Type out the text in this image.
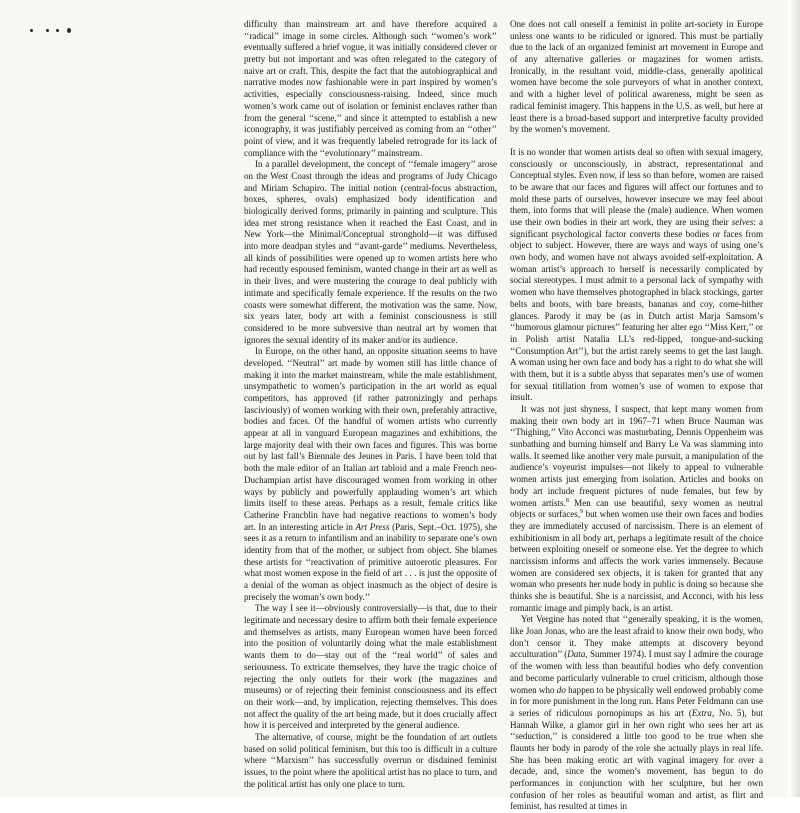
difficulty than mainstream art and have therefore acquired a ‘‘radical’’ image in some circles. Although such ‘‘women’s work’’ eventually suffered a brief vogue, it was initially considered clever or pretty but not important and was often relegated to the category of naive art or craft. This, despite the fact that the autobiographical and narrative modes now fashionable were in part inspired by women’s activities, especially consciousness-raising. Indeed, since much women’s work came out of isolation or feminist enclaves rather than from the general ‘‘scene,’’ and since it attempted to establish a new iconography, it was justifiably perceived as coming from an ‘‘other’’ point of view, and it was frequently labeled retrograde for its lack of compliance with the ‘‘evolutionary’’ mainstream.

In a parallel development, the concept of ‘‘female imagery’’ arose on the West Coast through the ideas and programs of Judy Chicago and Miriam Schapiro. The initial notion (central-focus abstraction, boxes, spheres, ovals) emphasized body identification and biologically derived forms, primarily in painting and sculpture. This idea met strong resistance when it reached the East Coast, and in New York—the Minimal/Conceptual stronghold—it was diffused into more deadpan styles and ‘‘avant-garde’’ mediums. Nevertheless, all kinds of possibilities were opened up to women artists here who had recently espoused feminism, wanted change in their art as well as in their lives, and were mustering the courage to deal publicly with intimate and specifically female experience. If the results on the two coasts were somewhat different, the motivation was the same. Now, six years later, body art with a feminist consciousness is still considered to be more subversive than neutral art by women that ignores the sexual identity of its maker and/or its audience.

In Europe, on the other hand, an opposite situation seems to have developed. ‘‘Neutral’’ art made by women still has little chance of making it into the market mainstream, while the male establishment, unsympathetic to women’s participation in the art world as equal competitors, has approved (if rather patronizingly and perhaps lasciviously) of women working with their own, preferably attractive, bodies and faces. Of the handful of women artists who currently appear at all in vanguard European magazines and exhibitions, the large majority deal with their own faces and figures. This was borne out by last fall’s Biennale des Jeunes in Paris. I have been told that both the male editor of an Italian art tabloid and a male French neo-Duchampian artist have discouraged women from working in other ways by publicly and powerfully applauding women’s art which limits itself to these areas. Perhaps as a result, female critics like Catherine Francblin have had negative reactions to women’s body art. In an interesting article in Art Press (Paris, Sept.–Oct. 1975), she sees it as a return to infantilism and an inability to separate one’s own identity from that of the mother, or subject from object. She blames these artists for ‘‘reactivation of primitive autoerotic pleasures. For what most women expose in the field of art . . . is just the opposite of a denial of the woman as object inasmuch as the object of desire is precisely the woman’s own body.’’

The way I see it—obviously controversially—is that, due to their legitimate and necessary desire to affirm both their female experience and themselves as artists, many European women have been forced into the position of voluntarily doing what the male establishment wants them to do—stay out of the ‘‘real world’’ of sales and seriousness. To extricate themselves, they have the tragic choice of rejecting the only outlets for their work (the magazines and museums) or of rejecting their feminist consciousness and its effect on their work—and, by implication, rejecting themselves. This does not affect the quality of the art being made, but it does crucially affect how it is perceived and interpreted by the general audience.

The alternative, of course, might be the foundation of art outlets based on solid political feminism, but this too is difficult in a culture where ‘‘Marxism’’ has successfully overrun or disdained feminist issues, to the point where the apolitical artist has no place to turn, and the political artist has only one place to turn.

One does not call oneself a feminist in polite art-society in Europe unless one wants to be ridiculed or ignored. This must be partially due to the lack of an organized feminist art movement in Europe and of any alternative galleries or magazines for women artists. Ironically, in the resultant void, middle-class, generally apolitical women have become the sole purveyors of what in another context, and with a higher level of political awareness, might be seen as radical feminist imagery. This happens in the U.S. as well, but here at least there is a broad-based support and interpretive faculty provided by the women’s movement.

It is no wonder that women artists deal so often with sexual imagery, consciously or unconsciously, in abstract, representational and Conceptual styles. Even now, if less so than before, women are raised to be aware that our faces and figures will affect our fortunes and to mold these parts of ourselves, however insecure we may feel about them, into forms that will please the (male) audience. When women use their own bodies in their art work, they are using their selves: a significant psychological factor converts these bodies or faces from object to subject. However, there are ways and ways of using one’s own body, and women have not always avoided self-exploitation. A woman artist’s approach to herself is necessarily complicated by social stereotypes. I must admit to a personal lack of sympathy with women who have themselves photographed in black stockings, garter belts and boots, with bare breasts, bananas and coy, come-hither glances. Parody it may be (as in Dutch artist Marja Samsom’s ‘‘humorous glamour pictures’’ featuring her alter ego ‘‘Miss Kerr,’’ or in Polish artist Natalia LL’s red-lipped, tongue-and-sucking ‘‘Consumption Art’’), but the artist rarely seems to get the last laugh. A woman using her own face and body has a right to do what she will with them, but it is a subtle abyss that separates men’s use of women for sexual titillation from women’s use of women to expose that insult.

It was not just shyness, I suspect, that kept many women from making their own body art in 1967–71 when Bruce Nauman was ‘‘Thighing,’’ Vito Acconci was masturbating, Dennis Oppenheim was sunbathing and burning himself and Barry Le Va was slamming into walls. It seemed like another very male pursuit, a manipulation of the audience’s voyeurist impulses—not likely to appeal to vulnerable women artists just emerging from isolation. Articles and books on body art include frequent pictures of nude females, but few by women artists.$^8$ Men can use beautiful, sexy women as neutral objects or surfaces,$^9$ but when women use their own faces and bodies they are immediately accused of narcissism. There is an element of exhibitionism in all body art, perhaps a legitimate result of the choice between exploiting oneself or someone else. Yet the degree to which narcissism informs and affects the work varies immensely. Because women are considered sex objects, it is taken for granted that any woman who presents her nude body in public is doing so because she thinks she is beautiful. She is a narcissist, and Acconci, with his less romantic image and pimply back, is an artist.

Yet Vergine has noted that ‘‘generally speaking, it is the women, like Joan Jonas, who are the least afraid to know their own body, who don’t censor it. They make attempts at discovery beyond acculturation’’ (Data, Summer 1974). I must say I admire the courage of the women with less than beautiful bodies who defy convention and become particularly vulnerable to cruel criticism, although those women who do happen to be physically well endowed probably come in for more punishment in the long run. Hans Peter Feldmann can use a series of ridiculous pornopinups as his art (Extra, No. 5), but Hannah Wilke, a glamor girl in her own right who sees her art as ‘‘seduction,’’ is considered a little too good to be true when she flaunts her body in parody of the role she actually plays in real life. She has been making erotic art with vaginal imagery for over a decade, and, since the women’s movement, has begun to do performances in conjunction with her sculpture, but her own confusion of her roles as beautiful woman and artist, as flirt and feminist, has resulted at times in
